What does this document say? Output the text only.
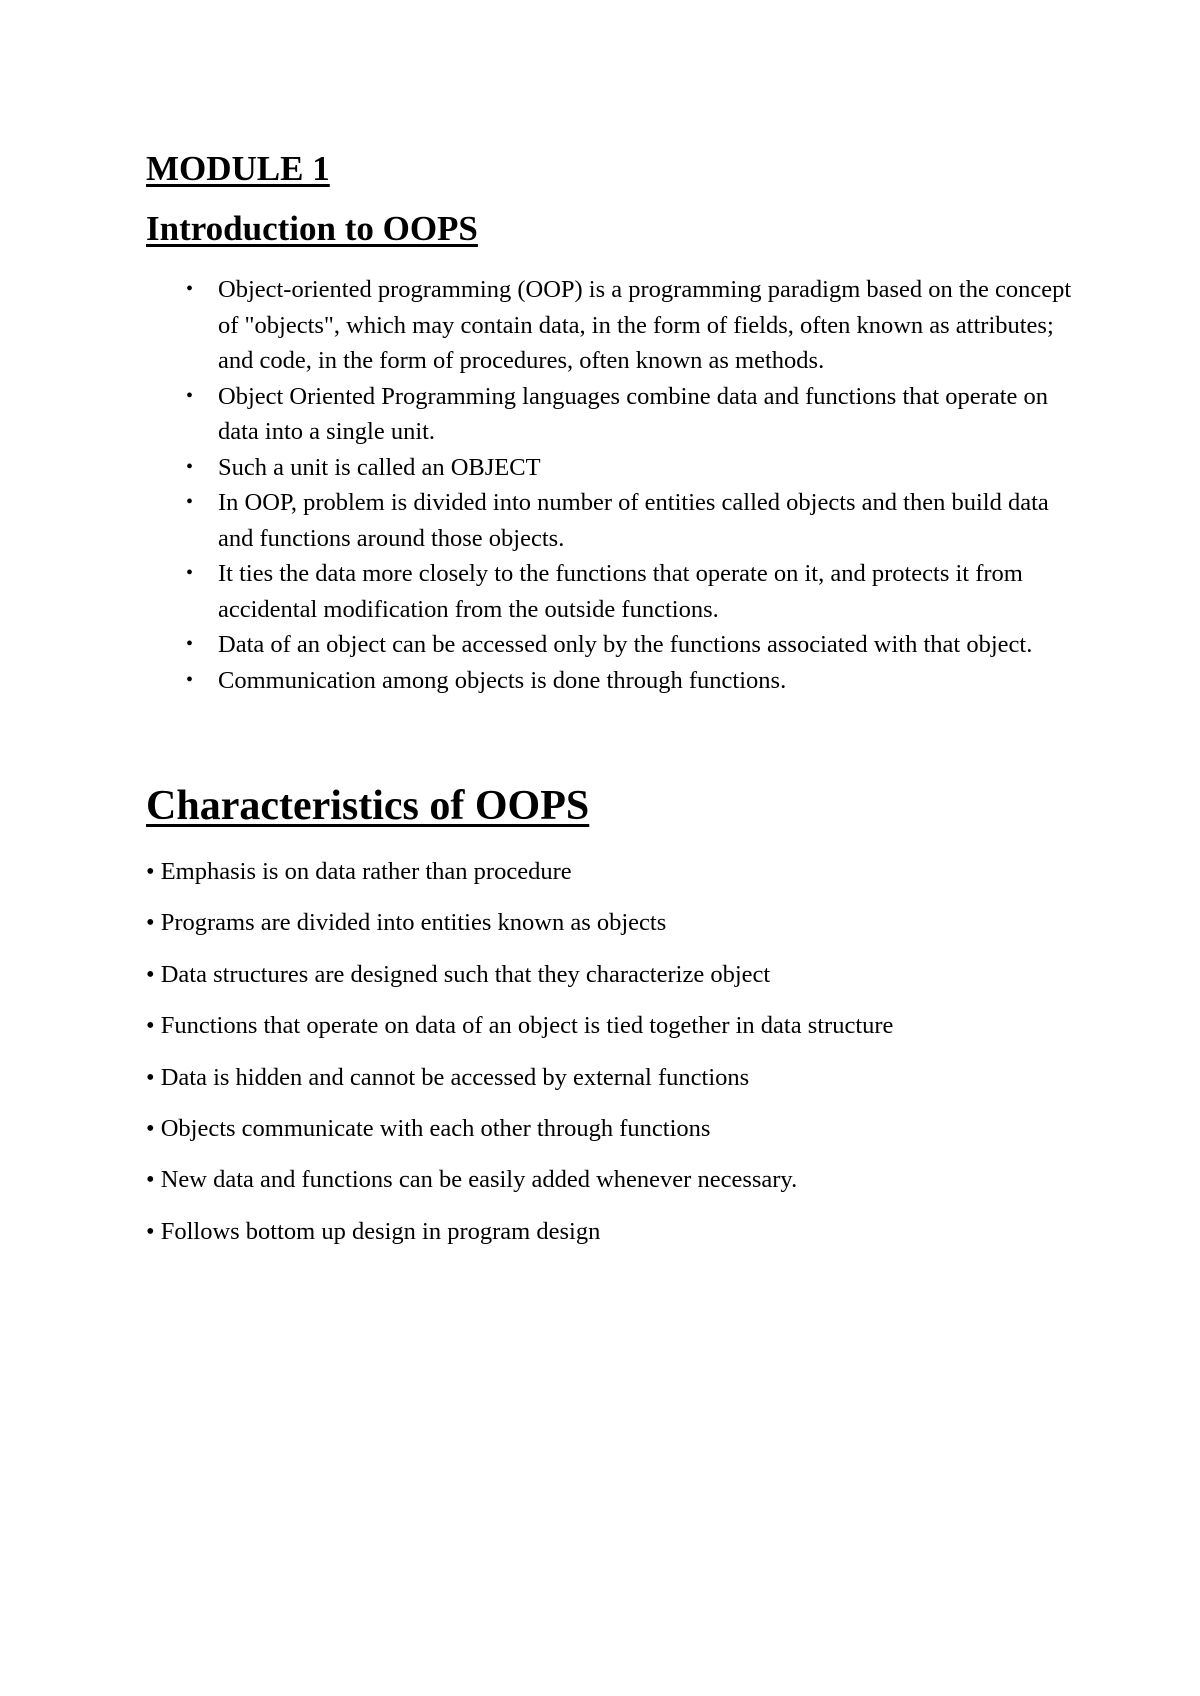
MODULE 1
Introduction to OOPS
• Object-oriented programming (OOP) is a programming paradigm based on the concept of "objects", which may contain data, in the form of fields, often known as attributes; and code, in the form of procedures, often known as methods.
• Object Oriented Programming languages combine data and functions that operate on data into a single unit.
• Such a unit is called an OBJECT
• In OOP, problem is divided into number of entities called objects and then build data and functions around those objects.
• It ties the data more closely to the functions that operate on it, and protects it from accidental modification from the outside functions.
• Data of an object can be accessed only by the functions associated with that object.
• Communication among objects is done through functions.
Characteristics of OOPS
• Emphasis is on data rather than procedure
• Programs are divided into entities known as objects
• Data structures are designed such that they characterize object
• Functions that operate on data of an object is tied together in data structure
• Data is hidden and cannot be accessed by external functions
• Objects communicate with each other through functions
• New data and functions can be easily added whenever necessary.
• Follows bottom up design in program design
